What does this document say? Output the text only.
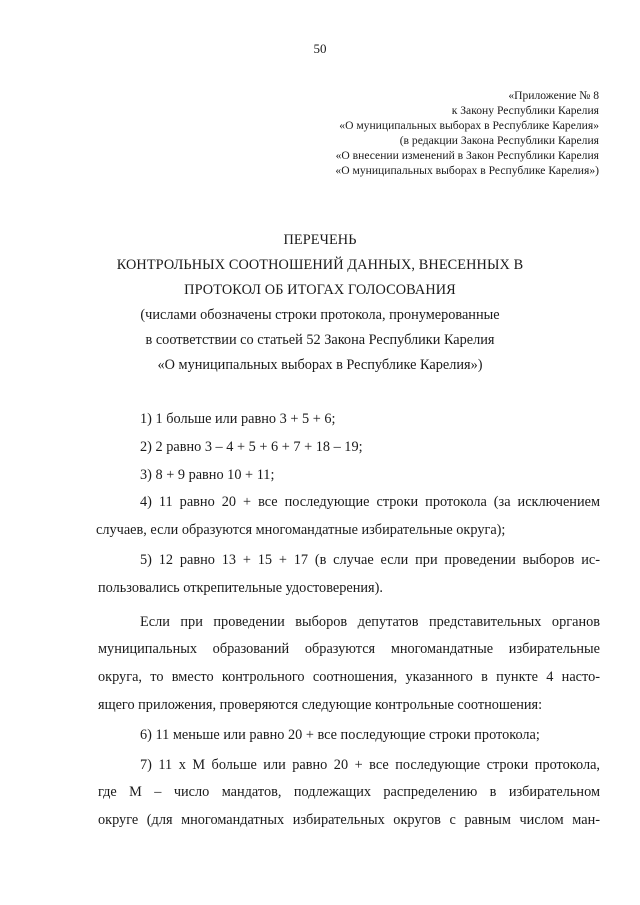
50
«Приложение № 8
к Закону Республики Карелия
«О муниципальных выборах в Республике Карелия»
(в редакции Закона Республики Карелия
«О внесении изменений в Закон Республики Карелия
«О муниципальных выборах в Республике Карелия»)
ПЕРЕЧЕНЬ
КОНТРОЛЬНЫХ СООТНОШЕНИЙ ДАННЫХ, ВНЕСЕННЫХ В
ПРОТОКОЛ ОБ ИТОГАХ ГОЛОСОВАНИЯ
(числами обозначены строки протокола, пронумерованные
в соответствии со статьей 52 Закона Республики Карелия
«О муниципальных выборах в Республике Карелия»)
1) 1 больше или равно 3 + 5 + 6;
2) 2 равно 3 – 4 + 5 + 6 + 7 + 18 – 19;
3) 8 + 9 равно 10 + 11;
4) 11 равно 20 + все последующие строки протокола (за исключением
случаев, если образуются многомандатные избирательные округа);
5) 12 равно 13 + 15 + 17 (в случае если при проведении выборов ис-
пользовались открепительные удостоверения).
Если при проведении выборов депутатов представительных органов
муниципальных образований образуются многомандатные избирательные
округа, то вместо контрольного соотношения, указанного в пункте 4 насто-
ящего приложения, проверяются следующие контрольные соотношения:
6) 11 меньше или равно 20 + все последующие строки протокола;
7) 11 х М больше или равно 20 + все последующие строки протокола,
где М – число мандатов, подлежащих распределению в избирательном
округе (для многомандатных избирательных округов с равным числом ман-
